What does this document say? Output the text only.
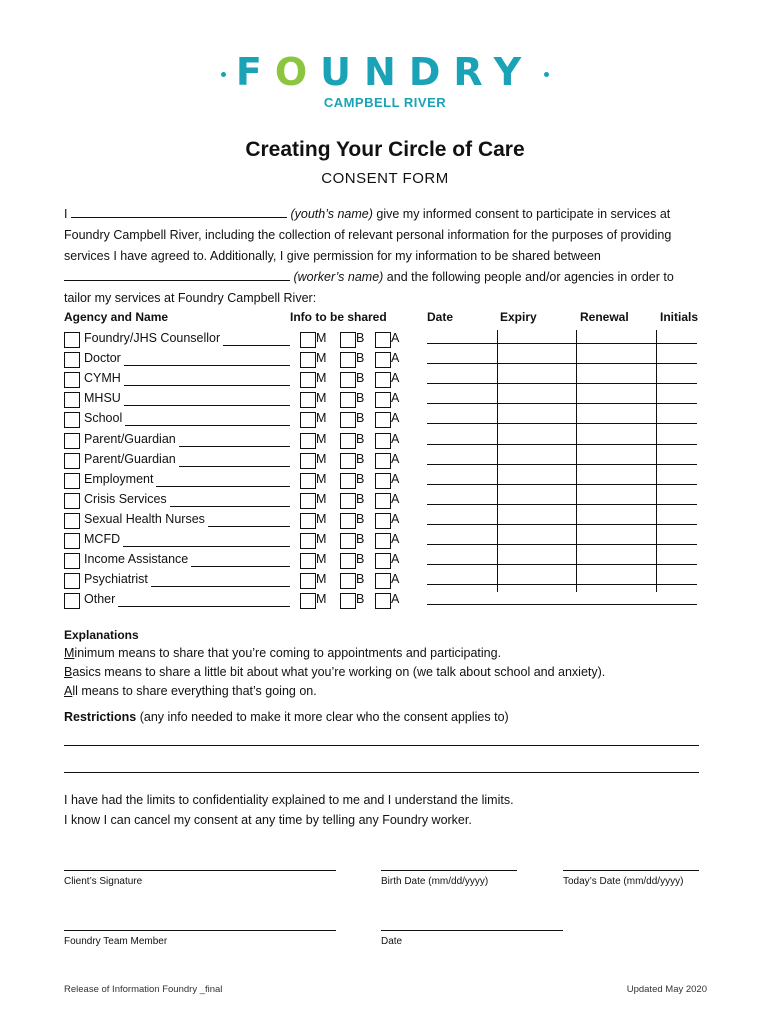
FOUNDRY
CAMPBELL RIVER
Creating Your Circle of Care
CONSENT FORM
I	(youth’s name) give my informed consent to participate in services at
Foundry Campbell River, including the collection of relevant personal information for the purposes of providing
services I have agreed to. Additionally, I give permission for my information to be shared between
(worker’s name) and the following people and/or agencies in order to
tailor my services at Foundry Campbell River:
Agency and Name	Info to be shared	Date	Expiry	Renewal	Initials
Foundry/JHS Counsellor	M B A
Doctor	M B A
CYMH	M B A
MHSU	M B A
School	M B A
Parent/Guardian	M B A
Parent/Guardian	M B A
Employment	M B A
Crisis Services	M B A
Sexual Health Nurses	M B A
MCFD	M B A
Income Assistance	M B A
Psychiatrist	M B A
Other	M B A
Explanations
Minimum means to share that you’re coming to appointments and participating.
Basics means to share a little bit about what you’re working on (we talk about school and anxiety).
All means to share everything that’s going on.
Restrictions (any info needed to make it more clear who the consent applies to)
I have had the limits to confidentiality explained to me and I understand the limits.
I know I can cancel my consent at any time by telling any Foundry worker.
Client’s Signature	Birth Date (mm/dd/yyyy)	Today’s Date (mm/dd/yyyy)
Foundry Team Member	Date
Release of Information Foundry _final	Updated May 2020
